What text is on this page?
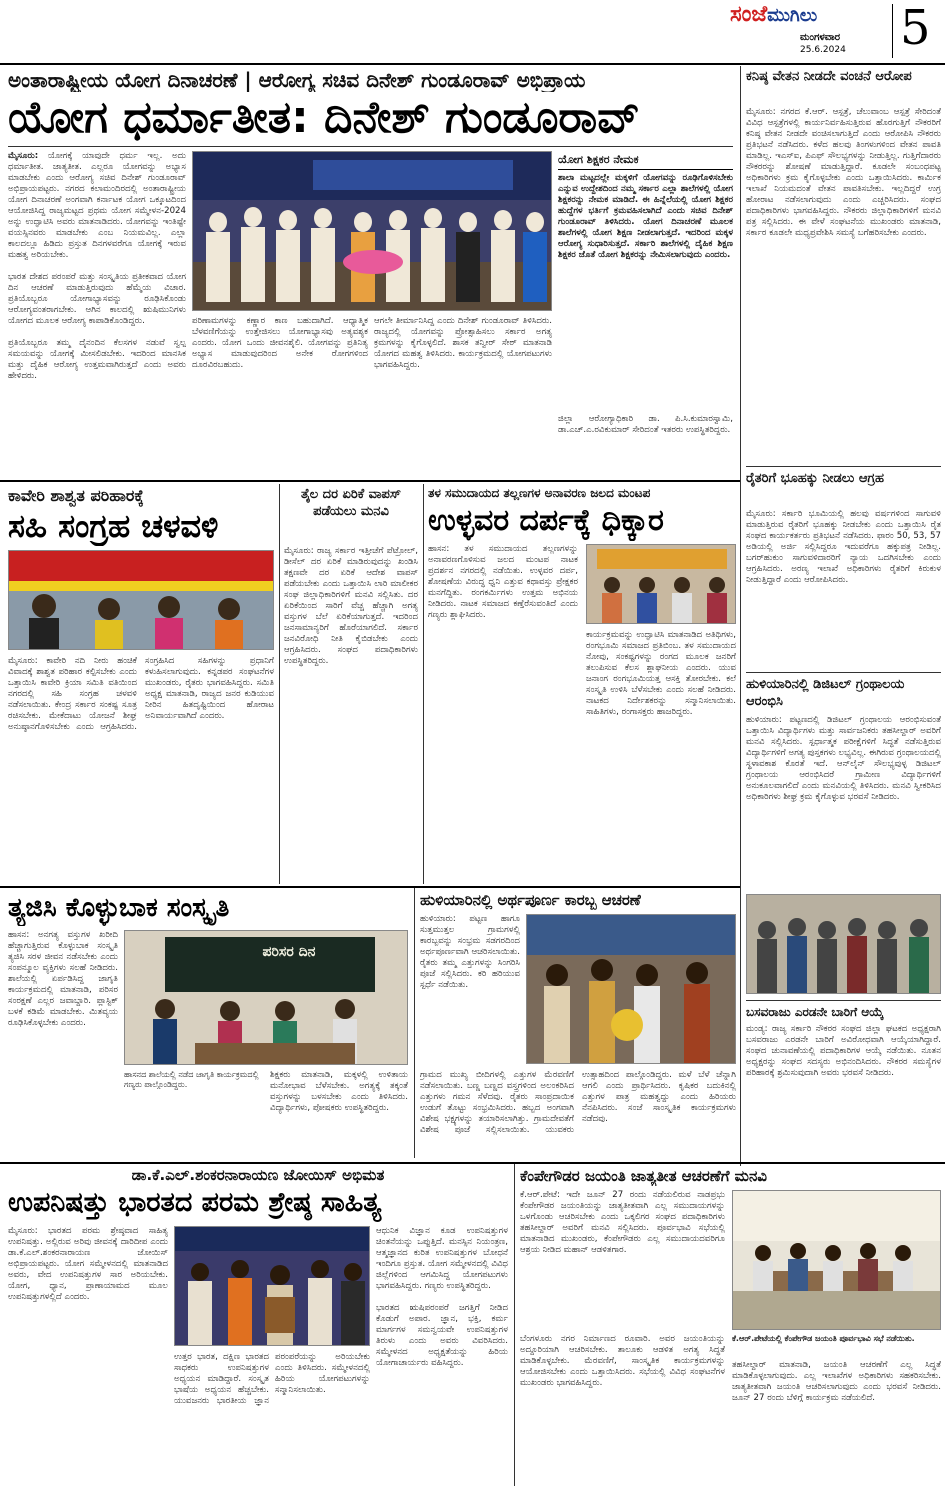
ಸಂಜೆಮುಗಿಲು
ಮಂಗಳವಾರ
25.6.2024 5
ಅಂತಾರಾಷ್ಟ್ರೀಯ ಯೋಗ ದಿನಾಚರಣೆ | ಆರೋಗ್ಯ ಸಚಿವ ದಿನೇಶ್ ಗುಂಡೂರಾವ್ ಅಭಿಪ್ರಾಯ
ಯೋಗ ಧರ್ಮಾತೀತ: ದಿನೇಶ್ ಗುಂಡೂರಾವ್
ಮೈಸೂರು: ಯೋಗಕ್ಕೆ ಯಾವುದೇ ಧರ್ಮ ಇಲ್ಲ. ಅದು ಧರ್ಮಾತೀತ. ಜಾತ್ಯತೀತ. ಎಲ್ಲರೂ ಯೋಗವನ್ನು ಅಭ್ಯಾಸ ಮಾಡಬೇಕು ಎಂದು ಆರೋಗ್ಯ ಸಚಿವ ದಿನೇಶ್ ಗುಂಡೂರಾವ್ ಅಭಿಪ್ರಾಯಪಟ್ಟರು. ನಗರದ ಕಲಾಮಂದಿರದಲ್ಲಿ ಅಂತಾರಾಷ್ಟ್ರೀಯ ಯೋಗ ದಿನಾಚರಣೆ ಅಂಗವಾಗಿ ಕರ್ನಾಟಕ ಯೋಗ ಒಕ್ಕೂಟದಿಂದ ಆಯೋಜಿಸಿದ್ದ ರಾಜ್ಯಮಟ್ಟದ ಪ್ರಥಮ ಯೋಗ ಸಮ್ಮೇಳನ-2024 ಅನ್ನು ಉದ್ಘಾಟಿಸಿ ಅವರು ಮಾತನಾಡಿದರು. ಯೋಗವನ್ನು ಇಂತಿಷ್ಟೇ ವಯಸ್ಸಿನವರು ಮಾಡಬೇಕು ಎಂಬ ನಿಯಮವಿಲ್ಲ. ಎಲ್ಲಾ ಕಾಲದಲ್ಲೂ ಹಿಡಿದು ಪ್ರಸ್ತುತ ದಿನಗಳವರೆಗೂ ಯೋಗಕ್ಕೆ ಇರುವ ಮಹತ್ವ ಅರಿಯಬೇಕು.

ಭಾರತ ದೇಶದ ಪರಂಪರೆ ಮತ್ತು ಸಂಸ್ಕೃತಿಯ ಪ್ರತೀಕವಾದ ಯೋಗ ದಿನ ಆಚರಣೆ ಮಾಡುತ್ತಿರುವುದು ಹೆಮ್ಮೆಯ ವಿಚಾರ. ಪ್ರತಿಯೊಬ್ಬರೂ ಯೋಗಾಭ್ಯಾಸವನ್ನು ರೂಢಿಸಿಕೊಂಡು ಆರೋಗ್ಯವಂತರಾಗಬೇಕು. ಆಗಿನ ಕಾಲದಲ್ಲಿ ಋಷಿಮುನಿಗಳು ಯೋಗದ ಮೂಲಕ ಆರೋಗ್ಯ ಕಾಪಾಡಿಕೊಂಡಿದ್ದರು.

ಪ್ರತಿಯೊಬ್ಬರೂ ತಮ್ಮ ದೈನಂದಿನ ಕೆಲಸಗಳ ನಡುವೆ ಸ್ವಲ್ಪ ಸಮಯವನ್ನು ಯೋಗಕ್ಕೆ ಮೀಸಲಿಡಬೇಕು. ಇದರಿಂದ ಮಾನಸಿಕ ಮತ್ತು ದೈಹಿಕ ಆರೋಗ್ಯ ಉತ್ತಮವಾಗಿರುತ್ತದೆ ಎಂದು ಅವರು ಹೇಳಿದರು.
ಪರಿಣಾಮಗಳನ್ನು ಕಣ್ಣಾರ ಕಾಣ ಬಹುದಾಗಿದೆ. ಆಧ್ಯಾತ್ಮಿಕ ಬೆಳವಣಿಗೆಯನ್ನು ಉತ್ತೇಜಿಸಲು ಯೋಗಾಭ್ಯಾಸವು ಅತ್ಯವಶ್ಯಕ ಎಂದರು. ಯೋಗ ಒಂದು ಜೀವನಶೈಲಿ. ಯೋಗವನ್ನು ಪ್ರತಿನಿತ್ಯ ಅಭ್ಯಾಸ ಮಾಡುವುದರಿಂದ ಅನೇಕ ರೋಗಗಳಿಂದ ದೂರವಿರಬಹುದು.
ಆಗಲೇ ತೀರ್ಮಾನಿಸಿದ್ದ ಎಂದು ದಿನೇಶ್ ಗುಂಡೂರಾವ್ ತಿಳಿಸಿದರು. ರಾಜ್ಯದಲ್ಲಿ ಯೋಗವನ್ನು ಪ್ರೋತ್ಸಾಹಿಸಲು ಸರ್ಕಾರ ಅಗತ್ಯ ಕ್ರಮಗಳನ್ನು ಕೈಗೊಳ್ಳಲಿದೆ. ಶಾಸಕ ತನ್ವೀರ್ ಸೇಠ್ ಮಾತನಾಡಿ ಯೋಗದ ಮಹತ್ವ ತಿಳಿಸಿದರು. ಕಾರ್ಯಕ್ರಮದಲ್ಲಿ ಯೋಗಪಟುಗಳು ಭಾಗವಹಿಸಿದ್ದರು.
ಯೋಗ ಶಿಕ್ಷಕರ ನೇಮಕ
ಶಾಲಾ ಮಟ್ಟದಲ್ಲೇ ಮಕ್ಕಳಿಗೆ ಯೋಗವನ್ನು ರೂಢಿಗೊಳಿಸಬೇಕು ಎನ್ನುವ ಉದ್ದೇಶದಿಂದ ನಮ್ಮ ಸರ್ಕಾರ ಎಲ್ಲಾ ಶಾಲೆಗಳಲ್ಲಿ ಯೋಗ ಶಿಕ್ಷಕರನ್ನು ನೇಮಕ ಮಾಡಿದೆ. ಈ ಹಿನ್ನೆಲೆಯಲ್ಲಿ ಯೋಗ ಶಿಕ್ಷಕರ ಹುದ್ದೆಗಳ ಭರ್ತಿಗೆ ಕ್ರಮವಹಿಸಲಾಗಿದೆ ಎಂದು ಸಚಿವ ದಿನೇಶ್ ಗುಂಡೂರಾವ್ ತಿಳಿಸಿದರು. ಯೋಗ ದಿನಾಚರಣೆ ಮೂಲಕ ಶಾಲೆಗಳಲ್ಲಿ ಯೋಗ ಶಿಕ್ಷಣ ನೀಡಲಾಗುತ್ತದೆ. ಇದರಿಂದ ಮಕ್ಕಳ ಆರೋಗ್ಯ ಸುಧಾರಿಸುತ್ತದೆ. ಸರ್ಕಾರಿ ಶಾಲೆಗಳಲ್ಲಿ ದೈಹಿಕ ಶಿಕ್ಷಣ ಶಿಕ್ಷಕರ ಜೊತೆ ಯೋಗ ಶಿಕ್ಷಕರನ್ನು ನೇಮಿಸಲಾಗುವುದು ಎಂದರು.
ಜಿಲ್ಲಾ ಆರೋಗ್ಯಾಧಿಕಾರಿ ಡಾ. ಪಿ.ಸಿ.ಕುಮಾರಸ್ವಾಮಿ, ಡಾ.ಎಚ್.ಎ.ರವಿಕುಮಾರ್ ಸೇರಿದಂತೆ ಇತರರು ಉಪಸ್ಥಿತರಿದ್ದರು.
ಕನಿಷ್ಠ ವೇತನ ನೀಡದೇ ವಂಚನೆ ಆರೋಪ
ಮೈಸೂರು: ನಗರದ ಕೆ.ಆರ್. ಆಸ್ಪತ್ರೆ, ಚೆಲುವಾಂಬ ಆಸ್ಪತ್ರೆ ಸೇರಿದಂತೆ ವಿವಿಧ ಆಸ್ಪತ್ರೆಗಳಲ್ಲಿ ಕಾರ್ಯನಿರ್ವಹಿಸುತ್ತಿರುವ ಹೊರಗುತ್ತಿಗೆ ನೌಕರರಿಗೆ ಕನಿಷ್ಠ ವೇತನ ನೀಡದೇ ವಂಚಿಸಲಾಗುತ್ತಿದೆ ಎಂದು ಆರೋಪಿಸಿ ನೌಕರರು ಪ್ರತಿಭಟನೆ ನಡೆಸಿದರು. ಕಳೆದ ಹಲವು ತಿಂಗಳುಗಳಿಂದ ವೇತನ ಪಾವತಿ ಮಾಡಿಲ್ಲ. ಇಎಸ್‌ಐ, ಪಿಎಫ್ ಸೌಲಭ್ಯಗಳನ್ನು ನೀಡುತ್ತಿಲ್ಲ. ಗುತ್ತಿಗೆದಾರರು ನೌಕರರನ್ನು ಶೋಷಣೆ ಮಾಡುತ್ತಿದ್ದಾರೆ. ಕೂಡಲೇ ಸಂಬಂಧಪಟ್ಟ ಅಧಿಕಾರಿಗಳು ಕ್ರಮ ಕೈಗೊಳ್ಳಬೇಕು ಎಂದು ಒತ್ತಾಯಿಸಿದರು. ಕಾರ್ಮಿಕ ಇಲಾಖೆ ನಿಯಮದಂತೆ ವೇತನ ಪಾವತಿಸಬೇಕು. ಇಲ್ಲದಿದ್ದರೆ ಉಗ್ರ ಹೋರಾಟ ನಡೆಸಲಾಗುವುದು ಎಂದು ಎಚ್ಚರಿಸಿದರು. ಸಂಘದ ಪದಾಧಿಕಾರಿಗಳು ಭಾಗವಹಿಸಿದ್ದರು. ನೌಕರರು ಜಿಲ್ಲಾಧಿಕಾರಿಗಳಿಗೆ ಮನವಿ ಪತ್ರ ಸಲ್ಲಿಸಿದರು. ಈ ವೇಳೆ ಸಂಘಟನೆಯ ಮುಖಂಡರು ಮಾತನಾಡಿ, ಸರ್ಕಾರ ಕೂಡಲೇ ಮಧ್ಯಪ್ರವೇಶಿಸಿ ಸಮಸ್ಯೆ ಬಗೆಹರಿಸಬೇಕು ಎಂದರು.
ರೈತರಿಗೆ ಭೂಹಕ್ಕು ನೀಡಲು ಆಗ್ರಹ
ಮೈಸೂರು: ಸರ್ಕಾರಿ ಭೂಮಿಯಲ್ಲಿ ಹಲವು ವರ್ಷಗಳಿಂದ ಸಾಗುವಳಿ ಮಾಡುತ್ತಿರುವ ರೈತರಿಗೆ ಭೂಹಕ್ಕು ನೀಡಬೇಕು ಎಂದು ಒತ್ತಾಯಿಸಿ ರೈತ ಸಂಘದ ಕಾರ್ಯಕರ್ತರು ಪ್ರತಿಭಟನೆ ನಡೆಸಿದರು. ಫಾರಂ 50, 53, 57 ಅಡಿಯಲ್ಲಿ ಅರ್ಜಿ ಸಲ್ಲಿಸಿದ್ದರೂ ಇದುವರೆಗೂ ಹಕ್ಕುಪತ್ರ ನೀಡಿಲ್ಲ. ಬಗರ್‌ಹುಕುಂ ಸಾಗುವಳಿದಾರರಿಗೆ ನ್ಯಾಯ ಒದಗಿಸಬೇಕು ಎಂದು ಆಗ್ರಹಿಸಿದರು. ಅರಣ್ಯ ಇಲಾಖೆ ಅಧಿಕಾರಿಗಳು ರೈತರಿಗೆ ಕಿರುಕುಳ ನೀಡುತ್ತಿದ್ದಾರೆ ಎಂದು ಆರೋಪಿಸಿದರು.
ಹುಳಿಯಾರಿನಲ್ಲಿ ಡಿಜಿಟಲ್ ಗ್ರಂಥಾಲಯ ಆರಂಭಿಸಿ
ಹುಳಿಯಾರು: ಪಟ್ಟಣದಲ್ಲಿ ಡಿಜಿಟಲ್ ಗ್ರಂಥಾಲಯ ಆರಂಭಿಸುವಂತೆ ಒತ್ತಾಯಿಸಿ ವಿದ್ಯಾರ್ಥಿಗಳು ಮತ್ತು ಸಾರ್ವಜನಿಕರು ತಹಸೀಲ್ದಾರ್ ಅವರಿಗೆ ಮನವಿ ಸಲ್ಲಿಸಿದರು. ಸ್ಪರ್ಧಾತ್ಮಕ ಪರೀಕ್ಷೆಗಳಿಗೆ ಸಿದ್ಧತೆ ನಡೆಸುತ್ತಿರುವ ವಿದ್ಯಾರ್ಥಿಗಳಿಗೆ ಅಗತ್ಯ ಪುಸ್ತಕಗಳು ಲಭ್ಯವಿಲ್ಲ. ಈಗಿರುವ ಗ್ರಂಥಾಲಯದಲ್ಲಿ ಸ್ಥಳಾವಕಾಶ ಕೊರತೆ ಇದೆ. ಆನ್‌ಲೈನ್ ಸೌಲಭ್ಯವುಳ್ಳ ಡಿಜಿಟಲ್ ಗ್ರಂಥಾಲಯ ಆರಂಭಿಸಿದರೆ ಗ್ರಾಮೀಣ ವಿದ್ಯಾರ್ಥಿಗಳಿಗೆ ಅನುಕೂಲವಾಗಲಿದೆ ಎಂದು ಮನವಿಯಲ್ಲಿ ತಿಳಿಸಿದರು. ಮನವಿ ಸ್ವೀಕರಿಸಿದ ಅಧಿಕಾರಿಗಳು ಶೀಘ್ರ ಕ್ರಮ ಕೈಗೊಳ್ಳುವ ಭರವಸೆ ನೀಡಿದರು.
ಬಸವರಾಜು ಎರಡನೇ ಬಾರಿಗೆ ಆಯ್ಕೆ
ಮಂಡ್ಯ: ರಾಜ್ಯ ಸರ್ಕಾರಿ ನೌಕರರ ಸಂಘದ ಜಿಲ್ಲಾ ಘಟಕದ ಅಧ್ಯಕ್ಷರಾಗಿ ಬಸವರಾಜು ಎರಡನೇ ಬಾರಿಗೆ ಅವಿರೋಧವಾಗಿ ಆಯ್ಕೆಯಾಗಿದ್ದಾರೆ. ಸಂಘದ ಚುನಾವಣೆಯಲ್ಲಿ ಪದಾಧಿಕಾರಿಗಳ ಆಯ್ಕೆ ನಡೆಯಿತು. ನೂತನ ಅಧ್ಯಕ್ಷರನ್ನು ಸಂಘದ ಸದಸ್ಯರು ಅಭಿನಂದಿಸಿದರು. ನೌಕರರ ಸಮಸ್ಯೆಗಳ ಪರಿಹಾರಕ್ಕೆ ಶ್ರಮಿಸುವುದಾಗಿ ಅವರು ಭರವಸೆ ನೀಡಿದರು.
ಕಾವೇರಿ ಶಾಶ್ವತ ಪರಿಹಾರಕ್ಕೆ
ಸಹಿ ಸಂಗ್ರಹ ಚಳವಳಿ
ಮೈಸೂರು: ಕಾವೇರಿ ನದಿ ನೀರು ಹಂಚಿಕೆ ವಿವಾದಕ್ಕೆ ಶಾಶ್ವತ ಪರಿಹಾರ ಕಲ್ಪಿಸಬೇಕು ಎಂದು ಒತ್ತಾಯಿಸಿ ಕಾವೇರಿ ಕ್ರಿಯಾ ಸಮಿತಿ ವತಿಯಿಂದ ನಗರದಲ್ಲಿ ಸಹಿ ಸಂಗ್ರಹ ಚಳವಳಿ ನಡೆಸಲಾಯಿತು. ಕೇಂದ್ರ ಸರ್ಕಾರ ಸಂಕಷ್ಟ ಸೂತ್ರ ರಚಿಸಬೇಕು. ಮೇಕೆದಾಟು ಯೋಜನೆ ಶೀಘ್ರ ಅನುಷ್ಠಾನಗೊಳಿಸಬೇಕು ಎಂದು ಆಗ್ರಹಿಸಿದರು. ಸಂಗ್ರಹಿಸಿದ ಸಹಿಗಳನ್ನು ಪ್ರಧಾನಿಗೆ ಕಳುಹಿಸಲಾಗುವುದು. ಕನ್ನಡಪರ ಸಂಘಟನೆಗಳ ಮುಖಂಡರು, ರೈತರು ಭಾಗವಹಿಸಿದ್ದರು. ಸಮಿತಿ ಅಧ್ಯಕ್ಷ ಮಾತನಾಡಿ, ರಾಜ್ಯದ ಜನರ ಕುಡಿಯುವ ನೀರಿನ ಹಿತದೃಷ್ಟಿಯಿಂದ ಹೋರಾಟ ಅನಿವಾರ್ಯವಾಗಿದೆ ಎಂದರು.
ತೈಲ ದರ ಏರಿಕೆ ವಾಪಸ್ ಪಡೆಯಲು ಮನವಿ
ಮೈಸೂರು: ರಾಜ್ಯ ಸರ್ಕಾರ ಇತ್ತೀಚೆಗೆ ಪೆಟ್ರೋಲ್, ಡೀಸೆಲ್ ದರ ಏರಿಕೆ ಮಾಡಿರುವುದನ್ನು ಖಂಡಿಸಿ ತಕ್ಷಣವೇ ದರ ಏರಿಕೆ ಆದೇಶ ವಾಪಸ್ ಪಡೆಯಬೇಕು ಎಂದು ಒತ್ತಾಯಿಸಿ ಲಾರಿ ಮಾಲೀಕರ ಸಂಘ ಜಿಲ್ಲಾಧಿಕಾರಿಗಳಿಗೆ ಮನವಿ ಸಲ್ಲಿಸಿತು. ದರ ಏರಿಕೆಯಿಂದ ಸಾರಿಗೆ ವೆಚ್ಚ ಹೆಚ್ಚಾಗಿ ಅಗತ್ಯ ವಸ್ತುಗಳ ಬೆಲೆ ಏರಿಕೆಯಾಗುತ್ತದೆ. ಇದರಿಂದ ಜನಸಾಮಾನ್ಯರಿಗೆ ಹೊರೆಯಾಗಲಿದೆ. ಸರ್ಕಾರ ಜನವಿರೋಧಿ ನೀತಿ ಕೈಬಿಡಬೇಕು ಎಂದು ಆಗ್ರಹಿಸಿದರು. ಸಂಘದ ಪದಾಧಿಕಾರಿಗಳು ಉಪಸ್ಥಿತರಿದ್ದರು.
ತಳ ಸಮುದಾಯದ ತಲ್ಲಣಗಳ ಅನಾವರಣ ಜಲದ ಮಂಟಪ
ಉಳ್ಳವರ ದರ್ಪಕ್ಕೆ ಧಿಕ್ಕಾರ
ಹಾಸನ: ತಳ ಸಮುದಾಯದ ತಲ್ಲಣಗಳನ್ನು ಅನಾವರಣಗೊಳಿಸುವ ಜಲದ ಮಂಟಪ ನಾಟಕ ಪ್ರದರ್ಶನ ನಗರದಲ್ಲಿ ನಡೆಯಿತು. ಉಳ್ಳವರ ದರ್ಪ, ಶೋಷಣೆಯ ವಿರುದ್ಧ ಧ್ವನಿ ಎತ್ತುವ ಕಥಾವಸ್ತು ಪ್ರೇಕ್ಷಕರ ಮನಗೆದ್ದಿತು. ರಂಗಕರ್ಮಿಗಳು ಉತ್ತಮ ಅಭಿನಯ ನೀಡಿದರು. ನಾಟಕ ಸಮಾಜದ ಕಣ್ತೆರೆಸುವಂತಿದೆ ಎಂದು ಗಣ್ಯರು ಶ್ಲಾಘಿಸಿದರು.
ಕಾರ್ಯಕ್ರಮವನ್ನು ಉದ್ಘಾಟಿಸಿ ಮಾತನಾಡಿದ ಅತಿಥಿಗಳು, ರಂಗಭೂಮಿ ಸಮಾಜದ ಪ್ರತಿಬಿಂಬ. ತಳ ಸಮುದಾಯದ ನೋವು, ಸಂಕಷ್ಟಗಳನ್ನು ರಂಗದ ಮೂಲಕ ಜನರಿಗೆ ತಲುಪಿಸುವ ಕೆಲಸ ಶ್ಲಾಘನೀಯ ಎಂದರು. ಯುವ ಜನಾಂಗ ರಂಗಭೂಮಿಯತ್ತ ಆಸಕ್ತಿ ತೋರಬೇಕು. ಕಲೆ ಸಂಸ್ಕೃತಿ ಉಳಿಸಿ ಬೆಳೆಸಬೇಕು ಎಂದು ಸಲಹೆ ನೀಡಿದರು. ನಾಟಕದ ನಿರ್ದೇಶಕರನ್ನು ಸನ್ಮಾನಿಸಲಾಯಿತು. ಸಾಹಿತಿಗಳು, ರಂಗಾಸಕ್ತರು ಹಾಜರಿದ್ದರು.
ತ್ಯಜಿಸಿ ಕೊಳ್ಳುಬಾಕ ಸಂಸ್ಕೃತಿ
ಹಾಸನ: ಅನಗತ್ಯ ವಸ್ತುಗಳ ಖರೀದಿ ಹೆಚ್ಚಾಗುತ್ತಿರುವ ಕೊಳ್ಳುಬಾಕ ಸಂಸ್ಕೃತಿ ತ್ಯಜಿಸಿ ಸರಳ ಜೀವನ ನಡೆಸಬೇಕು ಎಂದು ಸಂಪನ್ಮೂಲ ವ್ಯಕ್ತಿಗಳು ಸಲಹೆ ನೀಡಿದರು. ಶಾಲೆಯಲ್ಲಿ ಏರ್ಪಡಿಸಿದ್ದ ಜಾಗೃತಿ ಕಾರ್ಯಕ್ರಮದಲ್ಲಿ ಮಾತನಾಡಿ, ಪರಿಸರ ಸಂರಕ್ಷಣೆ ಎಲ್ಲರ ಜವಾಬ್ದಾರಿ. ಪ್ಲಾಸ್ಟಿಕ್ ಬಳಕೆ ಕಡಿಮೆ ಮಾಡಬೇಕು. ಮಿತವ್ಯಯ ರೂಢಿಸಿಕೊಳ್ಳಬೇಕು ಎಂದರು.
ಪರಿಸರ ದಿನ
ಹಾಸನದ ಶಾಲೆಯಲ್ಲಿ ನಡೆದ ಜಾಗೃತಿ ಕಾರ್ಯಕ್ರಮದಲ್ಲಿ ಗಣ್ಯರು ಪಾಲ್ಗೊಂಡಿದ್ದರು.
ಶಿಕ್ಷಕರು ಮಾತನಾಡಿ, ಮಕ್ಕಳಲ್ಲಿ ಉಳಿತಾಯ ಮನೋಭಾವ ಬೆಳೆಸಬೇಕು. ಅಗತ್ಯಕ್ಕೆ ತಕ್ಕಂತೆ ವಸ್ತುಗಳನ್ನು ಬಳಸಬೇಕು ಎಂದು ತಿಳಿಸಿದರು. ವಿದ್ಯಾರ್ಥಿಗಳು, ಪೋಷಕರು ಉಪಸ್ಥಿತರಿದ್ದರು.
ಹುಳಿಯಾರಿನಲ್ಲಿ ಅರ್ಥಪೂರ್ಣ ಕಾರಬ್ಬ ಆಚರಣೆ
ಹುಳಿಯಾರು: ಪಟ್ಟಣ ಹಾಗೂ ಸುತ್ತಮುತ್ತಲ ಗ್ರಾಮಗಳಲ್ಲಿ ಕಾರಬ್ಬವನ್ನು ಸಂಭ್ರಮ ಸಡಗರದಿಂದ ಅರ್ಥಪೂರ್ಣವಾಗಿ ಆಚರಿಸಲಾಯಿತು. ರೈತರು ತಮ್ಮ ಎತ್ತುಗಳನ್ನು ಸಿಂಗರಿಸಿ ಪೂಜೆ ಸಲ್ಲಿಸಿದರು. ಕರಿ ಹರಿಯುವ ಸ್ಪರ್ಧೆ ನಡೆಯಿತು.
ಗ್ರಾಮದ ಮುಖ್ಯ ಬೀದಿಗಳಲ್ಲಿ ಎತ್ತುಗಳ ಮೆರವಣಿಗೆ ನಡೆಸಲಾಯಿತು. ಬಣ್ಣ ಬಣ್ಣದ ವಸ್ತ್ರಗಳಿಂದ ಅಲಂಕರಿಸಿದ ಎತ್ತುಗಳು ಗಮನ ಸೆಳೆದವು. ರೈತರು ಸಾಂಪ್ರದಾಯಿಕ ಉಡುಗೆ ತೊಟ್ಟು ಸಂಭ್ರಮಿಸಿದರು. ಹಬ್ಬದ ಅಂಗವಾಗಿ ವಿಶೇಷ ಭಕ್ಷ್ಯಗಳನ್ನು ತಯಾರಿಸಲಾಗಿತ್ತು. ಗ್ರಾಮದೇವತೆಗೆ ವಿಶೇಷ ಪೂಜೆ ಸಲ್ಲಿಸಲಾಯಿತು. ಯುವಕರು ಉತ್ಸಾಹದಿಂದ ಪಾಲ್ಗೊಂಡಿದ್ದರು. ಮಳೆ ಬೆಳೆ ಚೆನ್ನಾಗಿ ಆಗಲಿ ಎಂದು ಪ್ರಾರ್ಥಿಸಿದರು. ಕೃಷಿಕರ ಬದುಕಿನಲ್ಲಿ ಎತ್ತುಗಳ ಪಾತ್ರ ಮಹತ್ವದ್ದು ಎಂದು ಹಿರಿಯರು ನೆನಪಿಸಿದರು. ಸಂಜೆ ಸಾಂಸ್ಕೃತಿಕ ಕಾರ್ಯಕ್ರಮಗಳು ನಡೆದವು.
ಡಾ.ಕೆ.ಎಲ್.ಶಂಕರನಾರಾಯಣ ಜೋಯಿಸ್ ಅಭಿಮತ
ಉಪನಿಷತ್ತು ಭಾರತದ ಪರಮ ಶ್ರೇಷ್ಠ ಸಾಹಿತ್ಯ
ಮೈಸೂರು: ಭಾರತದ ಪರಮ ಶ್ರೇಷ್ಠವಾದ ಸಾಹಿತ್ಯ ಉಪನಿಷತ್ತು. ಅಲ್ಲಿರುವ ಅರಿವು ಜೀವನಕ್ಕೆ ದಾರಿದೀಪ ಎಂದು ಡಾ.ಕೆ.ಎಲ್.ಶಂಕರನಾರಾಯಣ ಜೋಯಿಸ್ ಅಭಿಪ್ರಾಯಪಟ್ಟರು. ಯೋಗ ಸಮ್ಮೇಳನದಲ್ಲಿ ಮಾತನಾಡಿದ ಅವರು, ವೇದ ಉಪನಿಷತ್ತುಗಳ ಸಾರ ಅರಿಯಬೇಕು. ಯೋಗ, ಧ್ಯಾನ, ಪ್ರಾಣಾಯಾಮದ ಮೂಲ ಉಪನಿಷತ್ತುಗಳಲ್ಲಿದೆ ಎಂದರು.
ಉತ್ತರ ಭಾರತ, ದಕ್ಷಿಣ ಭಾರತದ ಸಾಧಕರು ಉಪನಿಷತ್ತುಗಳ ಅಧ್ಯಯನ ಮಾಡಿದ್ದಾರೆ. ಸಂಸ್ಕೃತ ಭಾಷೆಯ ಅಧ್ಯಯನ ಹೆಚ್ಚಬೇಕು. ಯುವಜನರು ಭಾರತೀಯ ಜ್ಞಾನ ಪರಂಪರೆಯನ್ನು ಅರಿಯಬೇಕು ಎಂದು ತಿಳಿಸಿದರು. ಸಮ್ಮೇಳನದಲ್ಲಿ ಹಿರಿಯ ಯೋಗಪಟುಗಳನ್ನು ಸನ್ಮಾನಿಸಲಾಯಿತು.
ಆಧುನಿಕ ವಿಜ್ಞಾನ ಕೂಡ ಉಪನಿಷತ್ತುಗಳ ಚಿಂತನೆಯನ್ನು ಒಪ್ಪುತ್ತಿದೆ. ಮನಸ್ಸಿನ ನಿಯಂತ್ರಣ, ಆತ್ಮಜ್ಞಾನದ ಕುರಿತ ಉಪನಿಷತ್ತುಗಳ ಬೋಧನೆ ಇಂದಿಗೂ ಪ್ರಸ್ತುತ. ಯೋಗ ಸಮ್ಮೇಳನದಲ್ಲಿ ವಿವಿಧ ಜಿಲ್ಲೆಗಳಿಂದ ಆಗಮಿಸಿದ್ದ ಯೋಗಪಟುಗಳು ಭಾಗವಹಿಸಿದ್ದರು. ಗಣ್ಯರು ಉಪಸ್ಥಿತರಿದ್ದರು.

ಭಾರತದ ಋಷಿಪರಂಪರೆ ಜಗತ್ತಿಗೆ ನೀಡಿದ ಕೊಡುಗೆ ಅಪಾರ. ಜ್ಞಾನ, ಭಕ್ತಿ, ಕರ್ಮ ಮಾರ್ಗಗಳ ಸಮನ್ವಯವೇ ಉಪನಿಷತ್ತುಗಳ ತಿರುಳು ಎಂದು ಅವರು ವಿವರಿಸಿದರು. ಸಮ್ಮೇಳನದ ಅಧ್ಯಕ್ಷತೆಯನ್ನು ಹಿರಿಯ ಯೋಗಾಚಾರ್ಯರು ವಹಿಸಿದ್ದರು.
ಕೆಂಪೇಗೌಡರ ಜಯಂತಿ ಜಾತ್ಯತೀತ ಆಚರಣೆಗೆ ಮನವಿ
ಕೆ.ಆರ್.ಪೇಟೆ: ಇದೇ ಜೂನ್ 27 ರಂದು ನಡೆಯಲಿರುವ ನಾಡಪ್ರಭು ಕೆಂಪೇಗೌಡರ ಜಯಂತಿಯನ್ನು ಜಾತ್ಯತೀತವಾಗಿ ಎಲ್ಲ ಸಮುದಾಯಗಳನ್ನು ಒಳಗೊಂಡು ಆಚರಿಸಬೇಕು ಎಂದು ಒಕ್ಕಲಿಗರ ಸಂಘದ ಪದಾಧಿಕಾರಿಗಳು ತಹಸೀಲ್ದಾರ್ ಅವರಿಗೆ ಮನವಿ ಸಲ್ಲಿಸಿದರು. ಪೂರ್ವಭಾವಿ ಸಭೆಯಲ್ಲಿ ಮಾತನಾಡಿದ ಮುಖಂಡರು, ಕೆಂಪೇಗೌಡರು ಎಲ್ಲ ಸಮುದಾಯದವರಿಗೂ ಆಶ್ರಯ ನೀಡಿದ ಮಹಾನ್ ಆಡಳಿತಗಾರ.
ಬೆಂಗಳೂರು ನಗರ ನಿರ್ಮಾಣದ ರೂವಾರಿ. ಅವರ ಜಯಂತಿಯನ್ನು ಅದ್ದೂರಿಯಾಗಿ ಆಚರಿಸಬೇಕು. ತಾಲೂಕು ಆಡಳಿತ ಅಗತ್ಯ ಸಿದ್ಧತೆ ಮಾಡಿಕೊಳ್ಳಬೇಕು. ಮೆರವಣಿಗೆ, ಸಾಂಸ್ಕೃತಿಕ ಕಾರ್ಯಕ್ರಮಗಳನ್ನು ಆಯೋಜಿಸಬೇಕು ಎಂದು ಒತ್ತಾಯಿಸಿದರು. ಸಭೆಯಲ್ಲಿ ವಿವಿಧ ಸಂಘಟನೆಗಳ ಮುಖಂಡರು ಭಾಗವಹಿಸಿದ್ದರು.
ಕೆ.ಆರ್.ಪೇಟೆಯಲ್ಲಿ ಕೆಂಪೇಗೌಡ ಜಯಂತಿ ಪೂರ್ವಭಾವಿ ಸಭೆ ನಡೆಯಿತು.
ತಹಸೀಲ್ದಾರ್ ಮಾತನಾಡಿ, ಜಯಂತಿ ಆಚರಣೆಗೆ ಎಲ್ಲ ಸಿದ್ಧತೆ ಮಾಡಿಕೊಳ್ಳಲಾಗುವುದು. ಎಲ್ಲ ಇಲಾಖೆಗಳ ಅಧಿಕಾರಿಗಳು ಸಹಕರಿಸಬೇಕು. ಜಾತ್ಯತೀತವಾಗಿ ಜಯಂತಿ ಆಚರಿಸಲಾಗುವುದು ಎಂದು ಭರವಸೆ ನೀಡಿದರು. ಜೂನ್ 27 ರಂದು ಬೆಳಿಗ್ಗೆ ಕಾರ್ಯಕ್ರಮ ನಡೆಯಲಿದೆ.
